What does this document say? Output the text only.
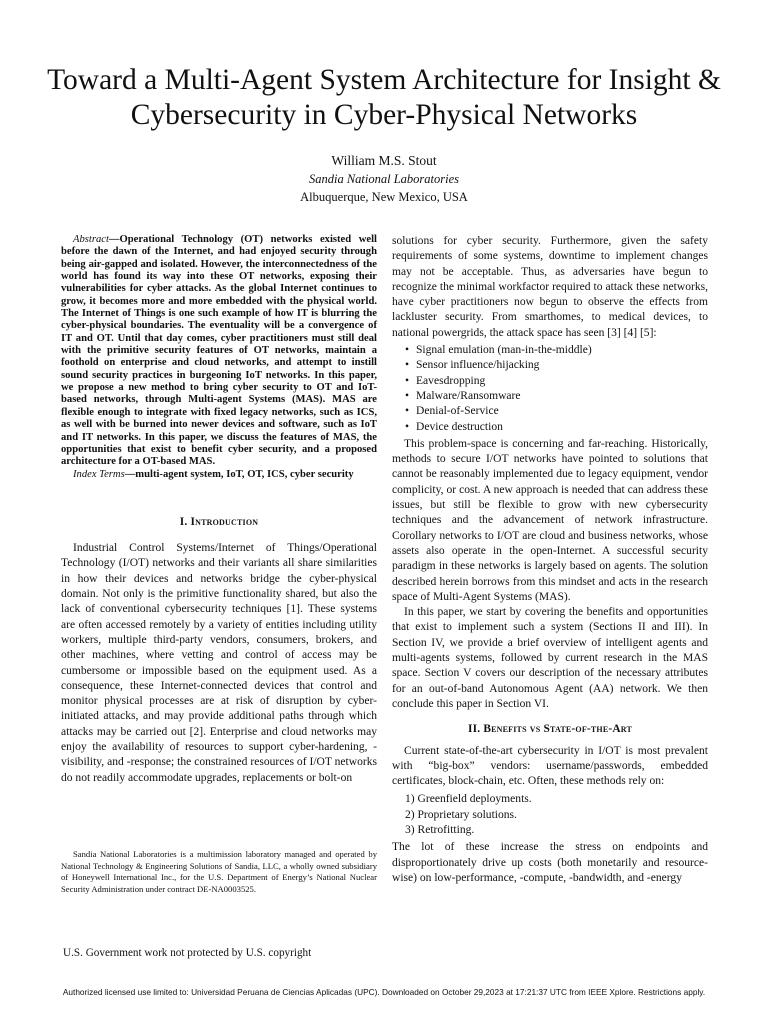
Toward a Multi-Agent System Architecture for Insight & Cybersecurity in Cyber-Physical Networks
William M.S. Stout
Sandia National Laboratories
Albuquerque, New Mexico, USA

Abstract—Operational Technology (OT) networks existed well before the dawn of the Internet, and had enjoyed security through being air-gapped and isolated. However, the interconnectedness of the world has found its way into these OT networks, exposing their vulnerabilities for cyber attacks. As the global Internet continues to grow, it becomes more and more embedded with the physical world. The Internet of Things is one such example of how IT is blurring the cyber-physical boundaries. The eventuality will be a convergence of IT and OT. Until that day comes, cyber practitioners must still deal with the primitive security features of OT networks, maintain a foothold on enterprise and cloud networks, and attempt to instill sound security practices in burgeoning IoT networks. In this paper, we propose a new method to bring cyber security to OT and IoT-based networks, through Multi-agent Systems (MAS). MAS are flexible enough to integrate with fixed legacy networks, such as ICS, as well with be burned into newer devices and software, such as IoT and IT networks. In this paper, we discuss the features of MAS, the opportunities that exist to benefit cyber security, and a proposed architecture for a OT-based MAS.

Index Terms—multi-agent system, IoT, OT, ICS, cyber security

I. Introduction

Industrial Control Systems/Internet of Things/Operational Technology (I/OT) networks and their variants all share similarities in how their devices and networks bridge the cyber-physical domain. Not only is the primitive functionality shared, but also the lack of conventional cybersecurity techniques [1]. These systems are often accessed remotely by a variety of entities including utility workers, multiple third-party vendors, consumers, brokers, and other machines, where vetting and control of access may be cumbersome or impossible based on the equipment used. As a consequence, these Internet-connected devices that control and monitor physical processes are at risk of disruption by cyber-initiated attacks, and may provide additional paths through which attacks may be carried out [2]. Enterprise and cloud networks may enjoy the availability of resources to support cyber-hardening, -visibility, and -response; the constrained resources of I/OT networks do not readily accommodate upgrades, replacements or bolt-on

solutions for cyber security. Furthermore, given the safety requirements of some systems, downtime to implement changes may not be acceptable. Thus, as adversaries have begun to recognize the minimal workfactor required to attack these networks, have cyber practitioners now begun to observe the effects from lackluster security. From smarthomes, to medical devices, to national powergrids, the attack space has seen [3] [4] [5]:

• Signal emulation (man-in-the-middle)
• Sensor influence/hijacking
• Eavesdropping
• Malware/Ransomware
• Denial-of-Service
• Device destruction

This problem-space is concerning and far-reaching. Historically, methods to secure I/OT networks have pointed to solutions that cannot be reasonably implemented due to legacy equipment, vendor complicity, or cost. A new approach is needed that can address these issues, but still be flexible to grow with new cybersecurity techniques and the advancement of network infrastructure. Corollary networks to I/OT are cloud and business networks, whose assets also operate in the open-Internet. A successful security paradigm in these networks is largely based on agents. The solution described herein borrows from this mindset and acts in the research space of Multi-Agent Systems (MAS).

In this paper, we start by covering the benefits and opportunities that exist to implement such a system (Sections II and III). In Section IV, we provide a brief overview of intelligent agents and multi-agents systems, followed by current research in the MAS space. Section V covers our description of the necessary attributes for an out-of-band Autonomous Agent (AA) network. We then conclude this paper in Section VI.

II. Benefits vs State-of-the-Art

Current state-of-the-art cybersecurity in I/OT is most prevalent with “big-box” vendors: username/passwords, embedded certificates, block-chain, etc. Often, these methods rely on:

1) Greenfield deployments.
2) Proprietary solutions.
3) Retrofitting.

The lot of these increase the stress on endpoints and disproportionately drive up costs (both monetarily and resource-wise) on low-performance, -compute, -bandwidth, and -energy

Sandia National Laboratories is a multimission laboratory managed and operated by National Technology & Engineering Solutions of Sandia, LLC, a wholly owned subsidiary of Honeywell International Inc., for the U.S. Department of Energy’s National Nuclear Security Administration under contract DE-NA0003525.

U.S. Government work not protected by U.S. copyright
Authorized licensed use limited to: Universidad Peruana de Ciencias Aplicadas (UPC). Downloaded on October 29,2023 at 17:21:37 UTC from IEEE Xplore. Restrictions apply.
